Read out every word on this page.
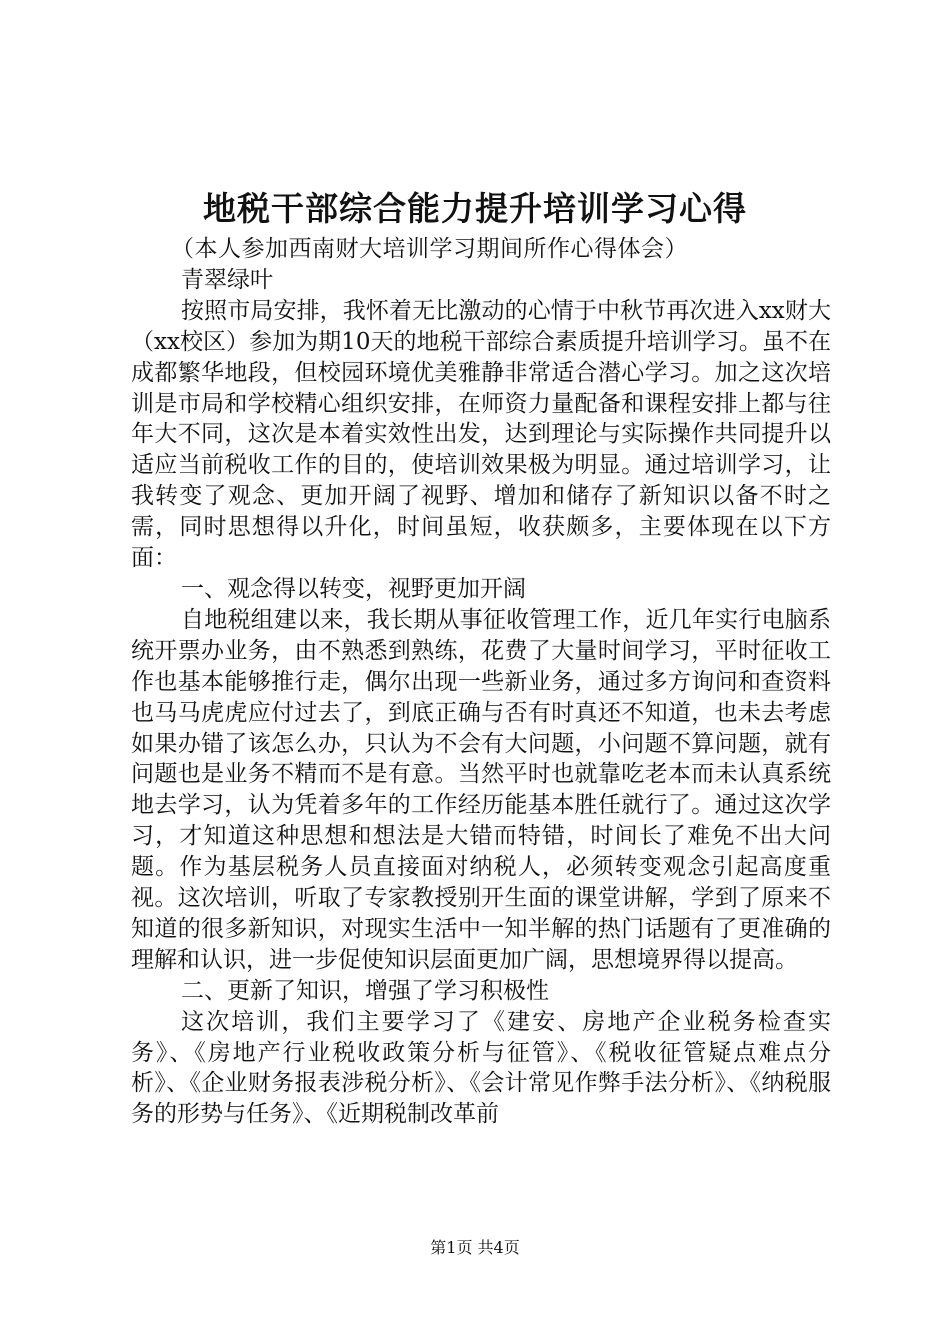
地税干部综合能力提升培训学习心得

（本人参加西南财大培训学习期间所作心得体会）

青翠绿叶

按照市局安排，我怀着无比激动的心情于中秋节再次进入xx财大（xx校区）参加为期10天的地税干部综合素质提升培训学习。虽不在成都繁华地段，但校园环境优美雅静非常适合潜心学习。加之这次培训是市局和学校精心组织安排，在师资力量配备和课程安排上都与往年大不同，这次是本着实效性出发，达到理论与实际操作共同提升以适应当前税收工作的目的，使培训效果极为明显。通过培训学习，让我转变了观念、更加开阔了视野、增加和储存了新知识以备不时之需，同时思想得以升化，时间虽短，收获颇多，主要体现在以下方面：

一、观念得以转变，视野更加开阔

自地税组建以来，我长期从事征收管理工作，近几年实行电脑系统开票办业务，由不熟悉到熟练，花费了大量时间学习，平时征收工作也基本能够推行走，偶尔出现一些新业务，通过多方询问和查资料也马马虎虎应付过去了，到底正确与否有时真还不知道，也未去考虑如果办错了该怎么办，只认为不会有大问题，小问题不算问题，就有问题也是业务不精而不是有意。当然平时也就靠吃老本而未认真系统地去学习，认为凭着多年的工作经历能基本胜任就行了。通过这次学习，才知道这种思想和想法是大错而特错，时间长了难免不出大问题。作为基层税务人员直接面对纳税人，必须转变观念引起高度重视。这次培训，听取了专家教授别开生面的课堂讲解，学到了原来不知道的很多新知识，对现实生活中一知半解的热门话题有了更准确的理解和认识，进一步促使知识层面更加广阔，思想境界得以提高。

二、更新了知识，增强了学习积极性

这次培训，我们主要学习了《建安、房地产企业税务检查实务》、《房地产行业税收政策分析与征管》、《税收征管疑点难点分析》、《企业财务报表涉税分析》、《会计常见作弊手法分析》、《纳税服务的形势与任务》、《近期税制改革前

第1页 共4页
